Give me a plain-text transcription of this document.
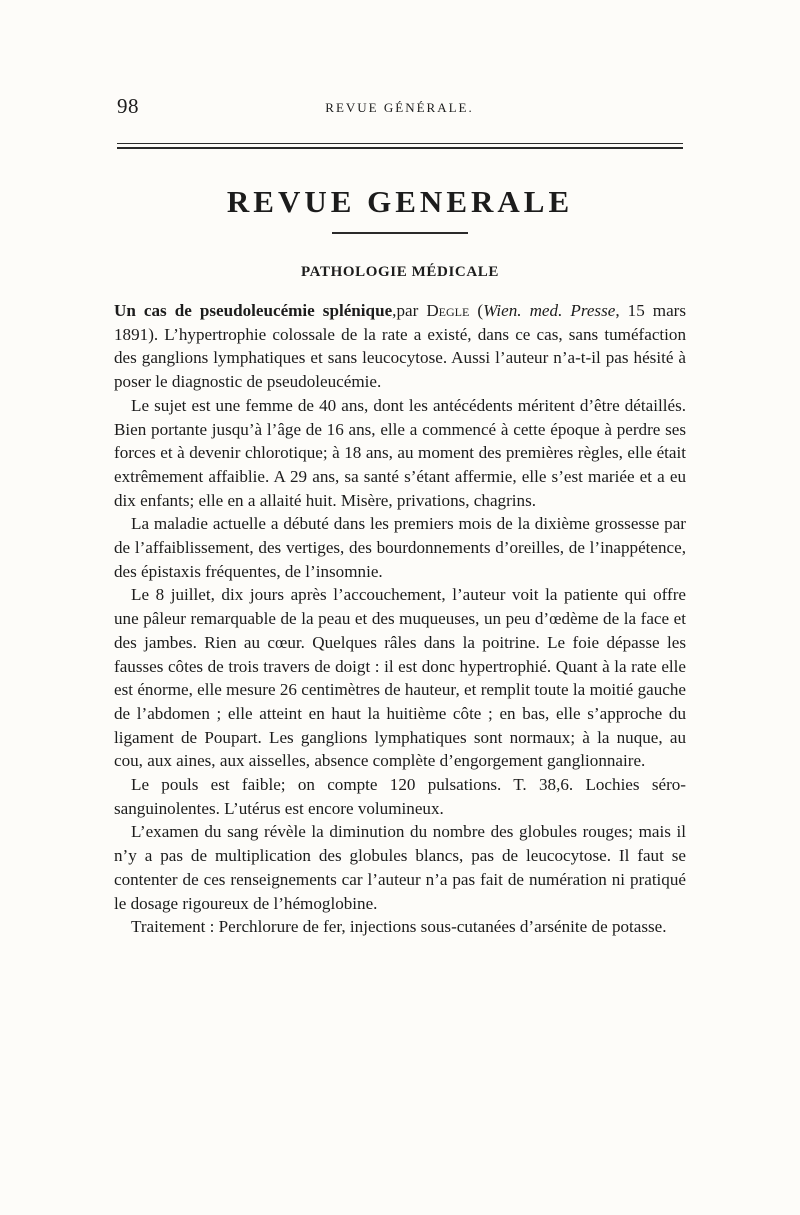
98	REVUE GÉNÉRALE.
REVUE GENERALE
PATHOLOGIE MÉDICALE

Un cas de pseudoleucémie splénique,par Degle (Wien. med. Presse, 15 mars 1891). L’hypertrophie colossale de la rate a existé, dans ce cas, sans tuméfaction des ganglions lymphatiques et sans leucocytose. Aussi l’auteur n’a-t-il pas hésité à poser le diagnostic de pseudoleucémie.

Le sujet est une femme de 40 ans, dont les antécédents méritent d’être détaillés. Bien portante jusqu’à l’âge de 16 ans, elle a commencé à cette époque à perdre ses forces et à devenir chlorotique; à 18 ans, au moment des premières règles, elle était extrêmement affaiblie. A 29 ans, sa santé s’étant affermie, elle s’est mariée et a eu dix enfants; elle en a allaité huit. Misère, privations, chagrins.

La maladie actuelle a débuté dans les premiers mois de la dixième grossesse par de l’affaiblissement, des vertiges, des bourdonnements d’oreilles, de l’inappétence, des épistaxis fréquentes, de l’insomnie.

Le 8 juillet, dix jours après l’accouchement, l’auteur voit la patiente qui offre une pâleur remarquable de la peau et des muqueuses, un peu d’œdème de la face et des jambes. Rien au cœur. Quelques râles dans la poitrine. Le foie dépasse les fausses côtes de trois travers de doigt : il est donc hypertrophié. Quant à la rate elle est énorme, elle mesure 26 centimètres de hauteur, et remplit toute la moitié gauche de l’abdomen ; elle atteint en haut la huitième côte ; en bas, elle s’approche du ligament de Poupart. Les ganglions lymphatiques sont normaux; à la nuque, au cou, aux aines, aux aisselles, absence complète d’engorgement ganglionnaire.

Le pouls est faible; on compte 120 pulsations. T. 38,6. Lochies séro-sanguinolentes. L’utérus est encore volumineux.

L’examen du sang révèle la diminution du nombre des globules rouges; mais il n’y a pas de multiplication des globules blancs, pas de leucocytose. Il faut se contenter de ces renseignements car l’auteur n’a pas fait de numération ni pratiqué le dosage rigoureux de l’hémoglobine.

Traitement : Perchlorure de fer, injections sous-cutanées d’arsénite de potasse.
